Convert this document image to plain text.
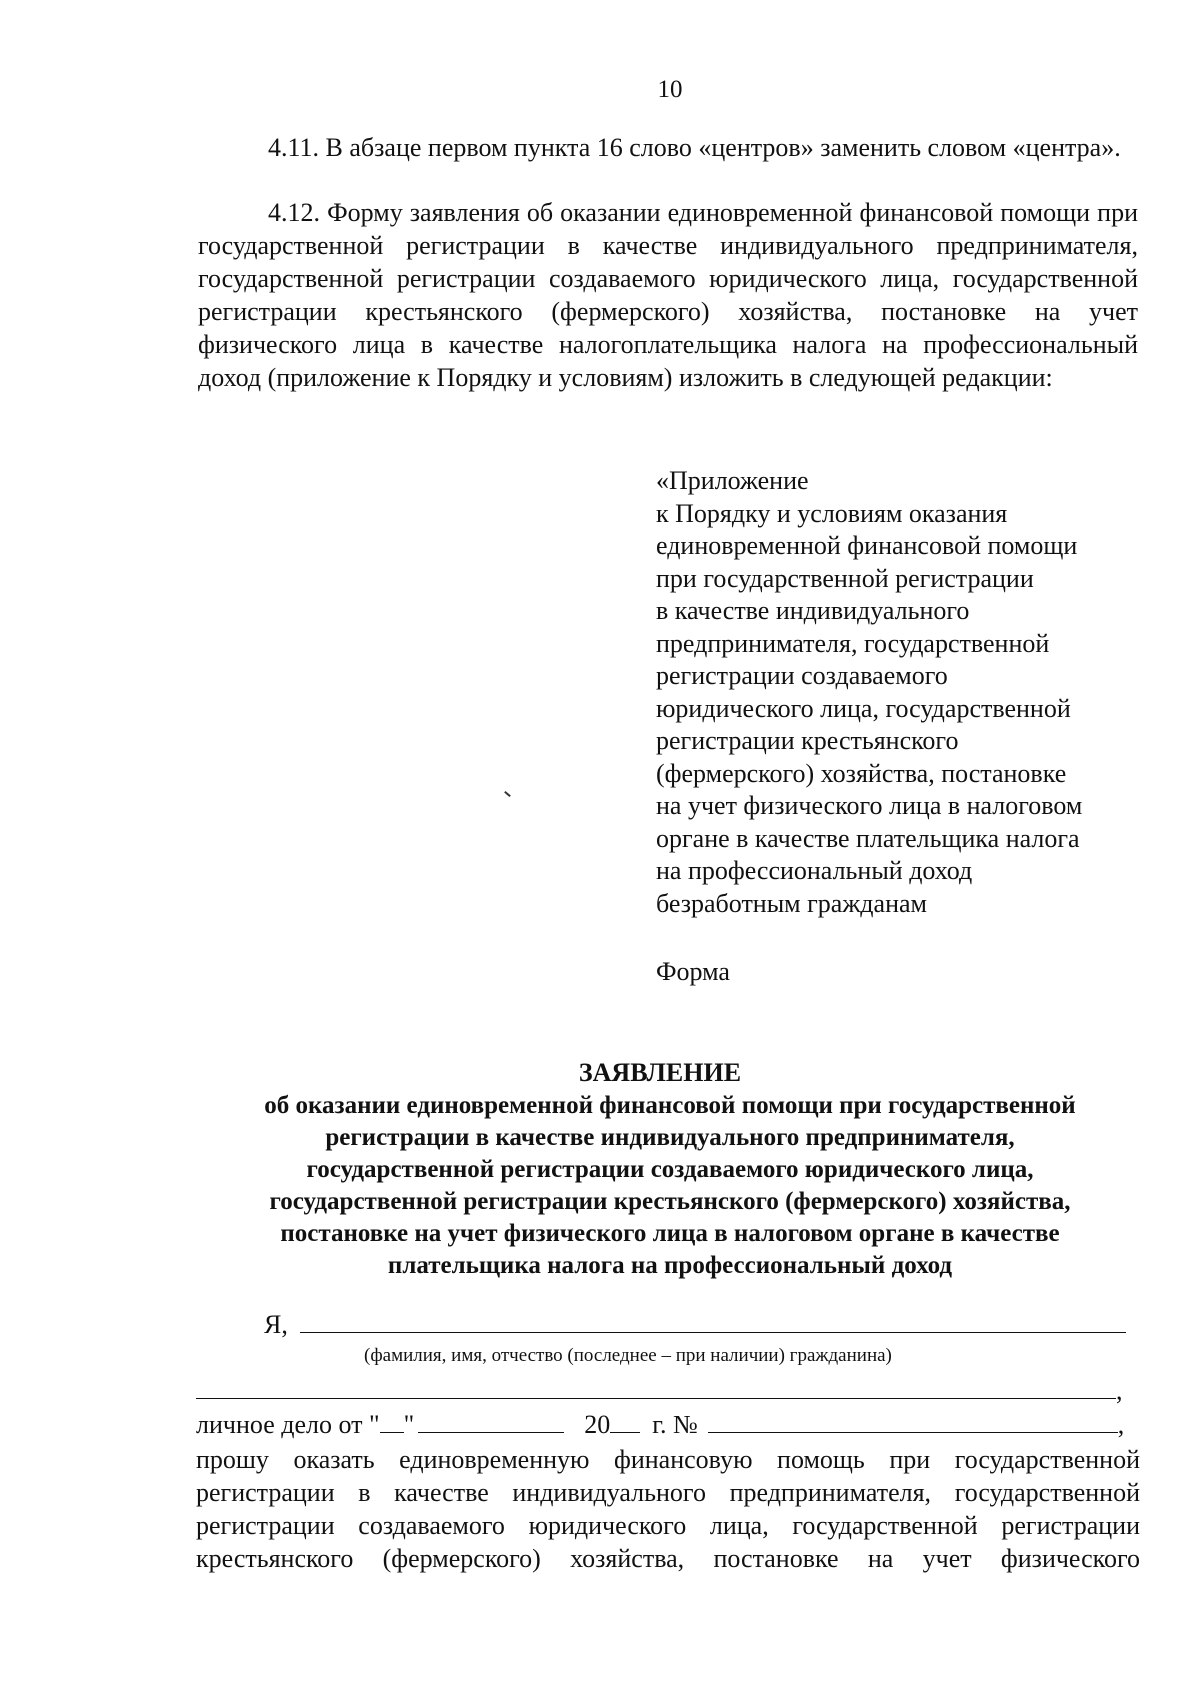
10

4.11. В абзаце первом пункта 16 слово «центров» заменить словом «центра».

4.12. Форму заявления об оказании единовременной финансовой помощи при государственной регистрации в качестве индивидуального предпринимателя, государственной регистрации создаваемого юридического лица, государственной регистрации крестьянского (фермерского) хозяйства, постановке на учет физического лица в качестве налогоплательщика налога на профессиональный доход (приложение к Порядку и условиям) изложить в следующей редакции:

«Приложение
к Порядку и условиям оказания
единовременной финансовой помощи
при государственной регистрации
в качестве индивидуального
предпринимателя, государственной
регистрации создаваемого
юридического лица, государственной
регистрации крестьянского
(фермерского) хозяйства, постановке
на учет физического лица в налоговом
органе в качестве плательщика налога
на профессиональный доход
безработным гражданам
Форма
ЗАЯВЛЕНИЕ
об оказании единовременной финансовой помощи при государственной
регистрации в качестве индивидуального предпринимателя,
государственной регистрации создаваемого юридического лица,
государственной регистрации крестьянского (фермерского) хозяйства,
постановке на учет физического лица в налоговом органе в качестве
плательщика налога на профессиональный доход
Я,
(фамилия, имя, отчество (последнее – при наличии) гражданина)
,
личное дело от " "	20 г. №	,
прошу оказать единовременную финансовую помощь при государственной
регистрации в качестве индивидуального предпринимателя, государственной
регистрации создаваемого юридического лица, государственной регистрации
крестьянского (фермерского) хозяйства, постановке на учет физического
